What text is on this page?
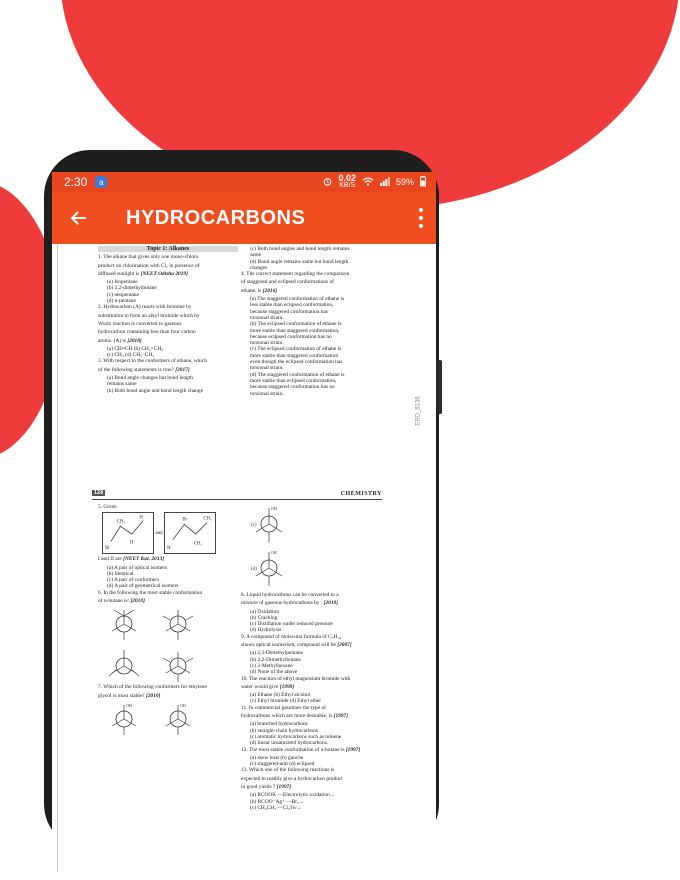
2:30	a	0.02
KB/S	59%
HYDROCARBONS
Topic 1: Alkanes
1. The alkane that gives only one mono-chloro
product on chlorination with Cl₂ in presence of
diffused sunlight is [NEET Odisha 2019]
(a) Isopentane
(b) 2,2-dimethylbutane
(c) neopentane
(d) n-pentane
2. Hydrocarbon (A) reacts with bromine by
substitution to form an alkyl bromide which by
Wurtz reaction is converted to gaseous
hydrocarbon containing less than four carbon
atoms. (A) is [2018]
(a) CH≡CH (b) CH₂=CH₂
(c) CH₄ (d) CH₃–CH₃
3. With respect to the conformers of ethane, which
of the following statements is true? [2017]
(a) Bond angle changes but bond length
remains same
(b) Both bond angle and bond length change
(c) Both bond angles and bond length remains
same
(d) Bond angle remains same but bond length
changes
4. The correct statement regarding the comparison
of staggered and eclipsed conformations of
ethane, is [2016]
(a) The staggered conformation of ethane is
less stable than eclipsed conformation,
because staggered conformation has
torsional strain.
(b) The eclipsed conformation of ethane is
more stable than staggered conformation,
because eclipsed conformation has no
torsional strain.
(c) The eclipsed conformation of ethane is
more stable than staggered conformation
even though the eclipsed conformation has
torsional strain.
(d) The staggered conformation of ethane is
more stable than eclipsed conformation,
because staggered conformation has no
torsional strain.
ERD_8136
128	CHEMISTRY
5. Given
Br
CH₃
H
H
and
Br
H
CH₃
CH₃
I and II are [NEET Kar. 2013]
(a) A pair of optical isomers
(b) Identical
(c) A pair of conformers
(d) A pair of geometrical isomers
6. In the following the most stable conformation
of n-butane is: [2010]
7. Which of the following conformers for ethylene
glycol is most stable? [2010]
OH	OH
OH
(c)
OH
(d)
8. Liquid hydrocarbons can be converted to a
mixture of gaseous hydrocarbons by : [2010]
(a) Oxidation
(b) Cracking
(c) Distillation under reduced pressure
(d) Hydrolysis
9. A compound of molecular formula of C₇H₁₆
shows optical isomerism, compound will be [2007]
(a) 2,3-Dimethylpentane
(b) 2,2-Dimethylbutane
(c) 2-Methylhexane
(d) None of the above
10. The reaction of ethyl magnesium bromide with
water would give [1999]
(a) Ethane (b) Ethyl alcohol
(c) Ethyl bromide (d) Ethyl ether
11. In commercial gasolines the type of
hydrocarbons which are more desirable, is [1997]
(a) branched hydrocarbons
(b) straight-chain hydrocarbons
(c) aromatic hydrocarbons such as toluene
(d) linear unsaturated hydrocarbons.
12. The most stable conformation of n-butane is [1997]
(a) skew boat (b) gauche
(c) staggered-anti (d) eclipsed
13. Which one of the following reactions is
expected to readily give a hydrocarbon product
in good yields ? [1997]
(a) RCOOK —Electrolytic oxidation→
(b) RCOO⁻Ag⁺ —Br₂→
(c) CH₃CH₃ —Cl₂/hν→
